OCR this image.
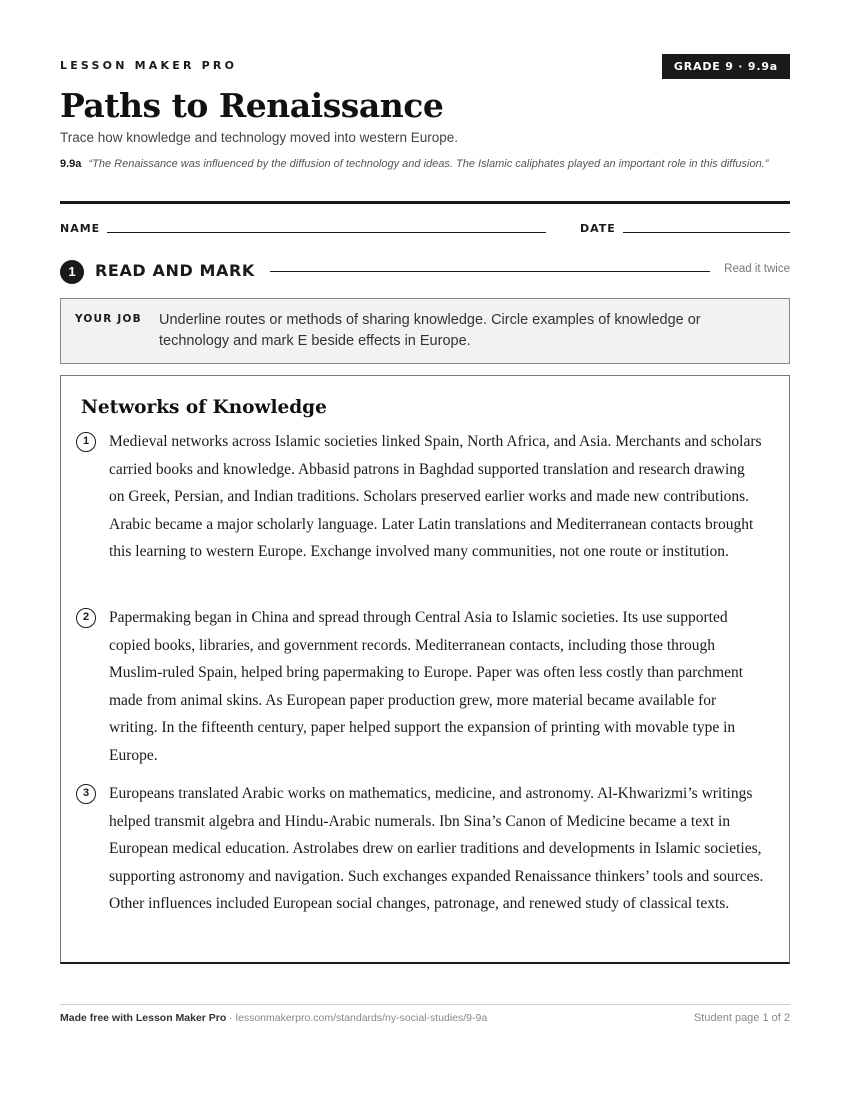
LESSON MAKER PRO	GRADE 9 · 9.9a
Paths to Renaissance
Trace how knowledge and technology moved into western Europe.
9.9a “The Renaissance was influenced by the diffusion of technology and ideas. The Islamic caliphates played an important role in this diffusion.”
NAME	DATE
1	READ AND MARK	Read it twice
YOUR JOB Underline routes or methods of sharing knowledge. Circle examples of knowledge or technology and mark E beside effects in Europe.
Networks of Knowledge
1	Medieval networks across Islamic societies linked Spain, North Africa, and Asia. Merchants and scholars carried books and knowledge. Abbasid patrons in Baghdad supported translation and research drawing on Greek, Persian, and Indian traditions. Scholars preserved earlier works and made new contributions. Arabic became a major scholarly language. Later Latin translations and Mediterranean contacts brought this learning to western Europe. Exchange involved many communities, not one route or institution.

2	Papermaking began in China and spread through Central Asia to Islamic societies. Its use supported copied books, libraries, and government records. Mediterranean contacts, including those through Muslim-ruled Spain, helped bring papermaking to Europe. Paper was often less costly than parchment made from animal skins. As European paper production grew, more material became available for writing. In the fifteenth century, paper helped support the expansion of printing with movable type in Europe.

3	Europeans translated Arabic works on mathematics, medicine, and astronomy. Al-Khwarizmi’s writings helped transmit algebra and Hindu-Arabic numerals. Ibn Sina’s Canon of Medicine became a text in European medical education. Astrolabes drew on earlier traditions and developments in Islamic societies, supporting astronomy and navigation. Such exchanges expanded Renaissance thinkers’ tools and sources. Other influences included European social changes, patronage, and renewed study of classical texts.

Made free with Lesson Maker Pro · lessonmakerpro.com/standards/ny-social-studies/9-9a	Student page 1 of 2
